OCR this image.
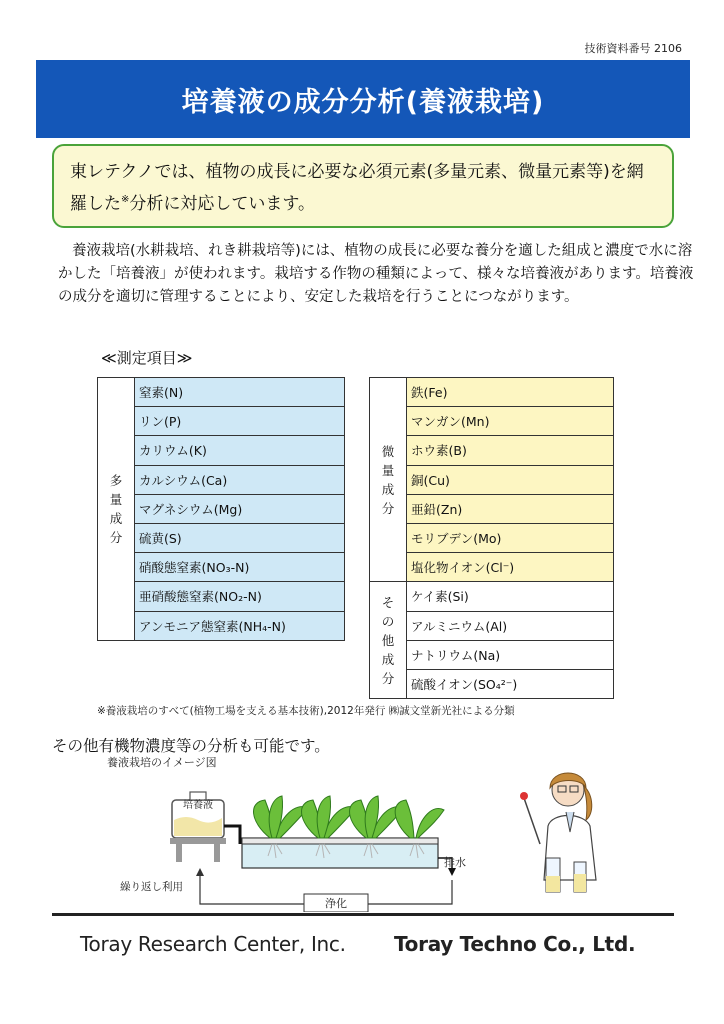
技術資料番号 2106
培養液の成分分析(養液栽培)
東レテクノでは、植物の成長に必要な必須元素(多量元素、微量元素等)を網羅した※分析に対応しています。

養液栽培(水耕栽培、れき耕栽培等)には、植物の成長に必要な養分を適した組成と濃度で水に溶かした「培養液」が使われます。栽培する作物の種類によって、様々な培養液があります。培養液の成分を適切に管理することにより、安定した栽培を行うことにつながります。

≪測定項目≫
多量成分	窒素(N)
リン(P)
カリウム(K)
カルシウム(Ca)
マグネシウム(Mg)
硫黄(S)
硝酸態窒素(NO₃-N)
亜硝酸態窒素(NO₂-N)
アンモニア態窒素(NH₄-N)
微量成分	鉄(Fe)
	マンガン(Mn)
	ホウ素(B)
	銅(Cu)
	亜鉛(Zn)
	モリブデン(Mo)
	塩化物イオン(Cl⁻)
その他成分	ケイ素(Si)
	アルミニウム(Al)
	ナトリウム(Na)
	硫酸イオン(SO₄²⁻)
※養液栽培のすべて(植物工場を支える基本技術),2012年発行 ㈱誠文堂新光社による分類
その他有機物濃度等の分析も可能です。
養液栽培のイメージ図
培養液
排水
浄化
繰り返し利用
Toray Research Center, Inc. Toray Techno Co., Ltd.
